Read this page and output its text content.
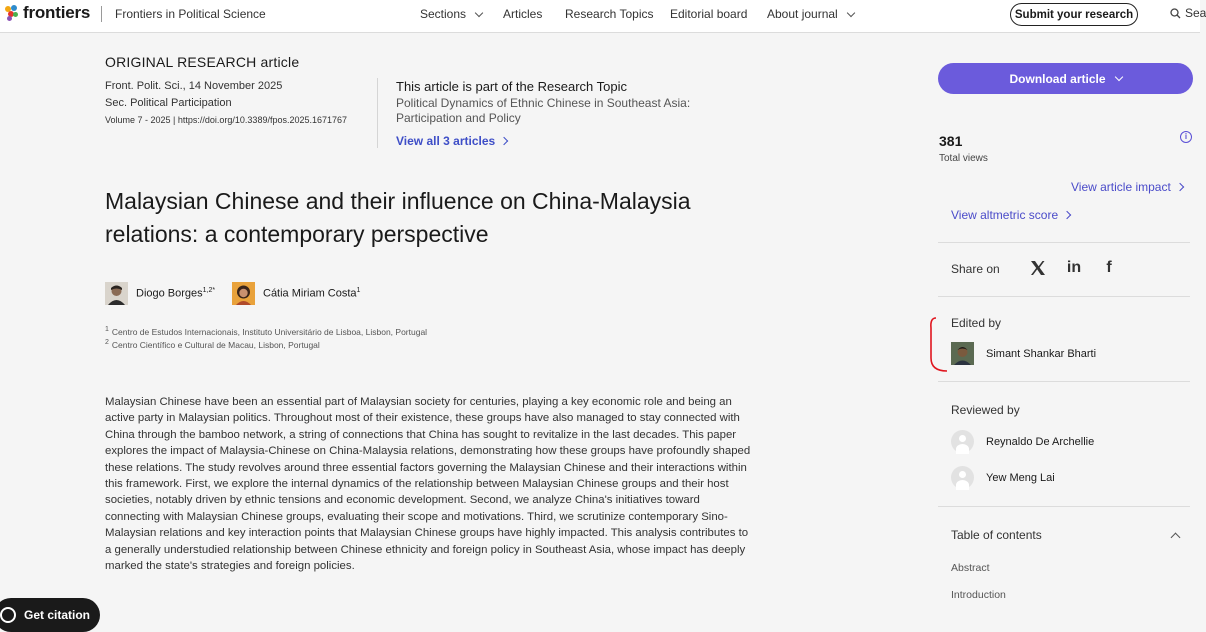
frontiers Frontiers in Political Science	Sections	Articles Research Topics Editorial board About journal	Submit your research	Sea
ORIGINAL RESEARCH article
Front. Polit. Sci., 14 November 2025
Sec. Political Participation
Volume 7 - 2025 | https://doi.org/10.3389/fpos.2025.1671767
This article is part of the Research Topic
Political Dynamics of Ethnic Chinese in Southeast Asia: Participation and Policy
View all 3 articles
Malaysian Chinese and their influence on China-Malaysia relations: a contemporary perspective
Diogo Borges$^{1,2*}$	Cátia Miriam Costa$^1$
$^1$ Centro de Estudos Internacionais, Instituto Universitário de Lisboa, Lisbon, Portugal
$^2$ Centro Científico e Cultural de Macau, Lisbon, Portugal

Malaysian Chinese have been an essential part of Malaysian society for centuries, playing a key economic role and being an active party in Malaysian politics. Throughout most of their existence, these groups have also managed to stay connected with China through the bamboo network, a string of connections that China has sought to revitalize in the last decades. This paper explores the impact of Malaysia-Chinese on China-Malaysia relations, demonstrating how these groups have profoundly shaped these relations. The study revolves around three essential factors governing the Malaysian Chinese and their interactions within this framework. First, we explore the internal dynamics of the relationship between Malaysian Chinese groups and their host societies, notably driven by ethnic tensions and economic development. Second, we analyze China's initiatives toward connecting with Malaysian Chinese groups, evaluating their scope and motivations. Third, we scrutinize contemporary Sino-Malaysian relations and key interaction points that Malaysian Chinese groups have highly impacted. This analysis contributes to a generally understudied relationship between Chinese ethnicity and foreign policy in Southeast Asia, whose impact has deeply marked the state's strategies and foreign policies.

Get citation
Download article
381
Total views
i
View article impact
View altmetric score
Share on	in	f
Edited by
Simant Shankar Bharti
Reviewed by
Reynaldo De Archellie
Yew Meng Lai
Table of contents
Abstract
Introduction
